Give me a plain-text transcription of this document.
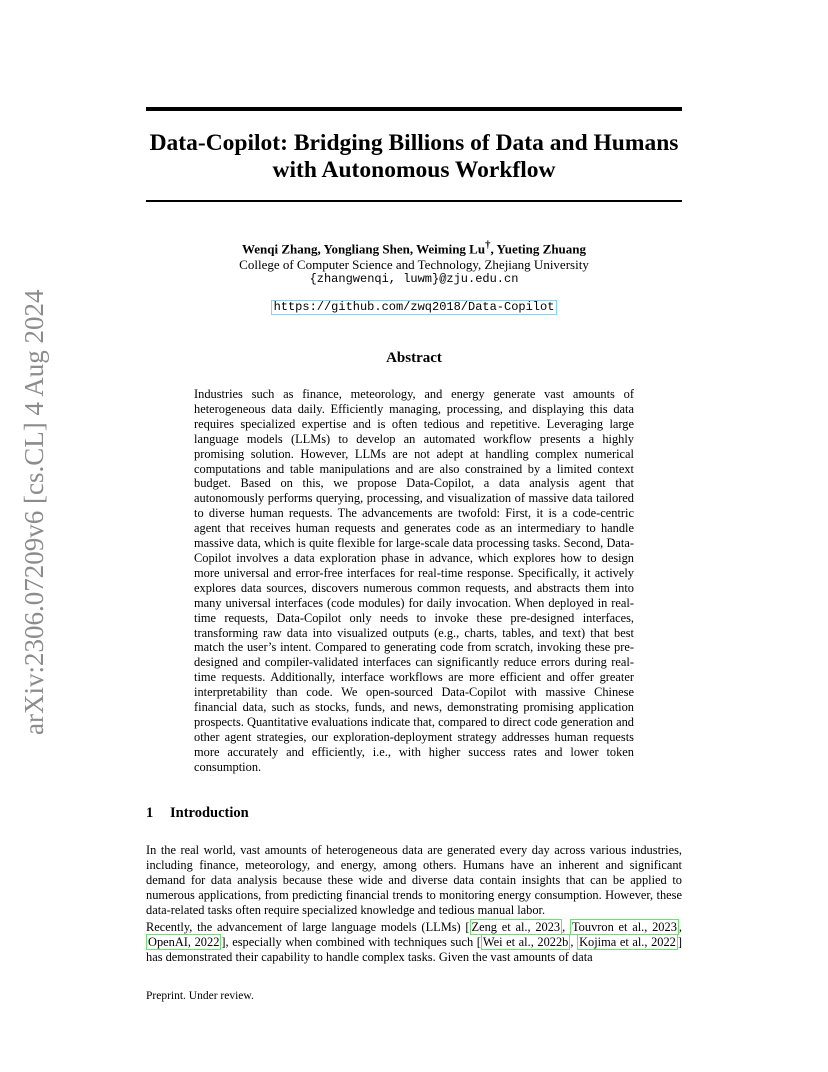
arXiv:2306.07209v6 [cs.CL] 4 Aug 2024
Data-Copilot: Bridging Billions of Data and Humans
with Autonomous Workflow
Wenqi Zhang, Yongliang Shen, Weiming Lu†, Yueting Zhuang
College of Computer Science and Technology, Zhejiang University
{zhangwenqi, luwm}@zju.edu.cn
https://github.com/zwq2018/Data-Copilot
Abstract

Industries such as finance, meteorology, and energy generate vast amounts of heterogeneous data daily. Efficiently managing, processing, and displaying this data requires specialized expertise and is often tedious and repetitive. Leveraging large language models (LLMs) to develop an automated workflow presents a highly promising solution. However, LLMs are not adept at handling complex numerical computations and table manipulations and are also constrained by a limited context budget. Based on this, we propose Data-Copilot, a data analysis agent that autonomously performs querying, processing, and visualization of massive data tailored to diverse human requests. The advancements are twofold: First, it is a code-centric agent that receives human requests and generates code as an intermediary to handle massive data, which is quite flexible for large-scale data processing tasks. Second, Data-Copilot involves a data exploration phase in advance, which explores how to design more universal and error-free interfaces for real-time response. Specifically, it actively explores data sources, discovers numerous common requests, and abstracts them into many universal interfaces (code modules) for daily invocation. When deployed in real-time requests, Data-Copilot only needs to invoke these pre-designed interfaces, transforming raw data into visualized outputs (e.g., charts, tables, and text) that best match the user’s intent. Compared to generating code from scratch, invoking these pre-designed and compiler-validated interfaces can significantly reduce errors during real-time requests. Additionally, interface workflows are more efficient and offer greater interpretability than code. We open-sourced Data-Copilot with massive Chinese financial data, such as stocks, funds, and news, demonstrating promising application prospects. Quantitative evaluations indicate that, compared to direct code generation and other agent strategies, our exploration-deployment strategy addresses human requests more accurately and efficiently, i.e., with higher success rates and lower token consumption.

1 Introduction

In the real world, vast amounts of heterogeneous data are generated every day across various industries, including finance, meteorology, and energy, among others. Humans have an inherent and significant demand for data analysis because these wide and diverse data contain insights that can be applied to numerous applications, from predicting financial trends to monitoring energy consumption. However, these data-related tasks often require specialized knowledge and tedious manual labor.

Recently, the advancement of large language models (LLMs) [ Zeng et al., 2023 , Touvron et al., 2023 , OpenAI, 2022 ], especially when combined with techniques such [ Wei et al., 2022b , Kojima et al., 2022 ] has demonstrated their capability to handle complex tasks. Given the vast amounts of data

Preprint. Under review.
